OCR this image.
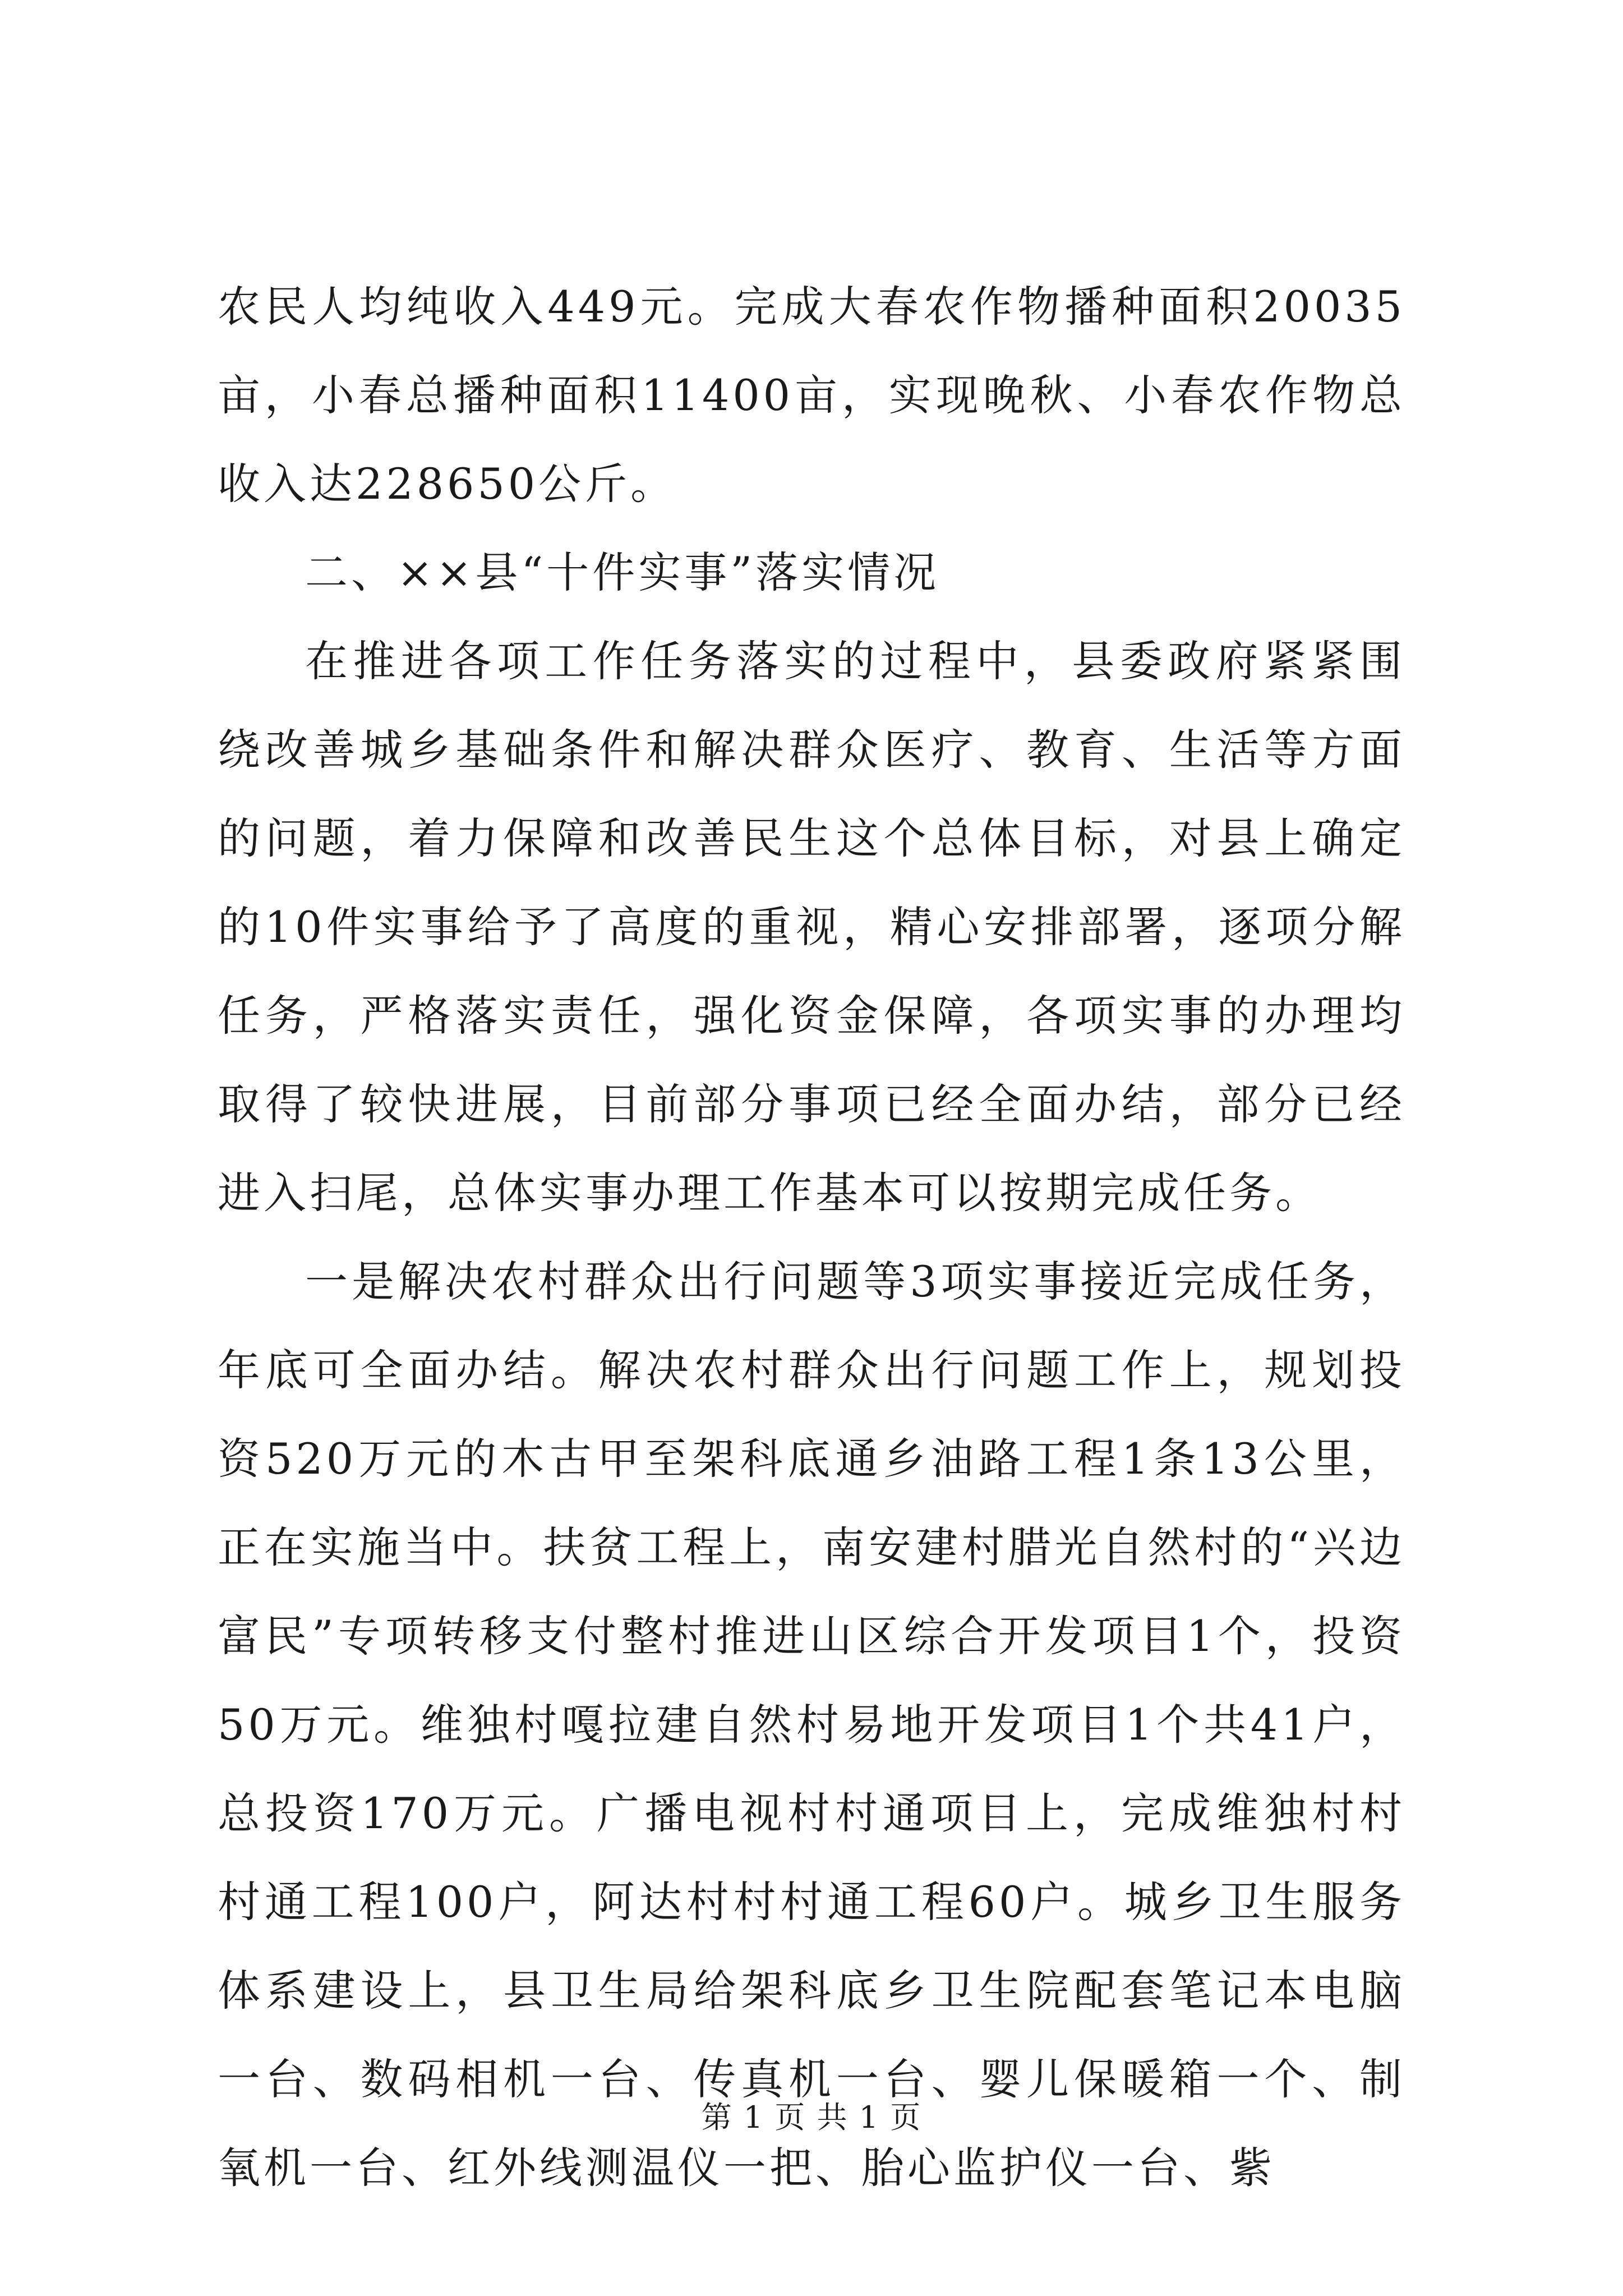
农民人均纯收入449元。完成大春农作物播种面积20035亩，小春总播种面积11400亩，实现晚秋、小春农作物总收入达228650公斤。

二、××县“十件实事”落实情况

在推进各项工作任务落实的过程中，县委政府紧紧围绕改善城乡基础条件和解决群众医疗、教育、生活等方面的问题，着力保障和改善民生这个总体目标，对县上确定的10件实事给予了高度的重视，精心安排部署，逐项分解任务，严格落实责任，强化资金保障，各项实事的办理均取得了较快进展，目前部分事项已经全面办结，部分已经进入扫尾，总体实事办理工作基本可以按期完成任务。

一是解决农村群众出行问题等3项实事接近完成任务，年底可全面办结。解决农村群众出行问题工作上，规划投资520万元的木古甲至架科底通乡油路工程1条13公里，正在实施当中。扶贫工程上，南安建村腊光自然村的“兴边富民”专项转移支付整村推进山区综合开发项目1个，投资50万元。维独村嘎拉建自然村易地开发项目1个共41户，总投资170万元。广播电视村村通项目上，完成维独村村村通工程100户，阿达村村村通工程60户。城乡卫生服务体系建设上，县卫生局给架科底乡卫生院配套笔记本电脑一台、数码相机一台、传真机一台、婴儿保暖箱一个、制氧机一台、红外线测温仪一把、胎心监护仪一台、紫

第 1 页 共 1 页
